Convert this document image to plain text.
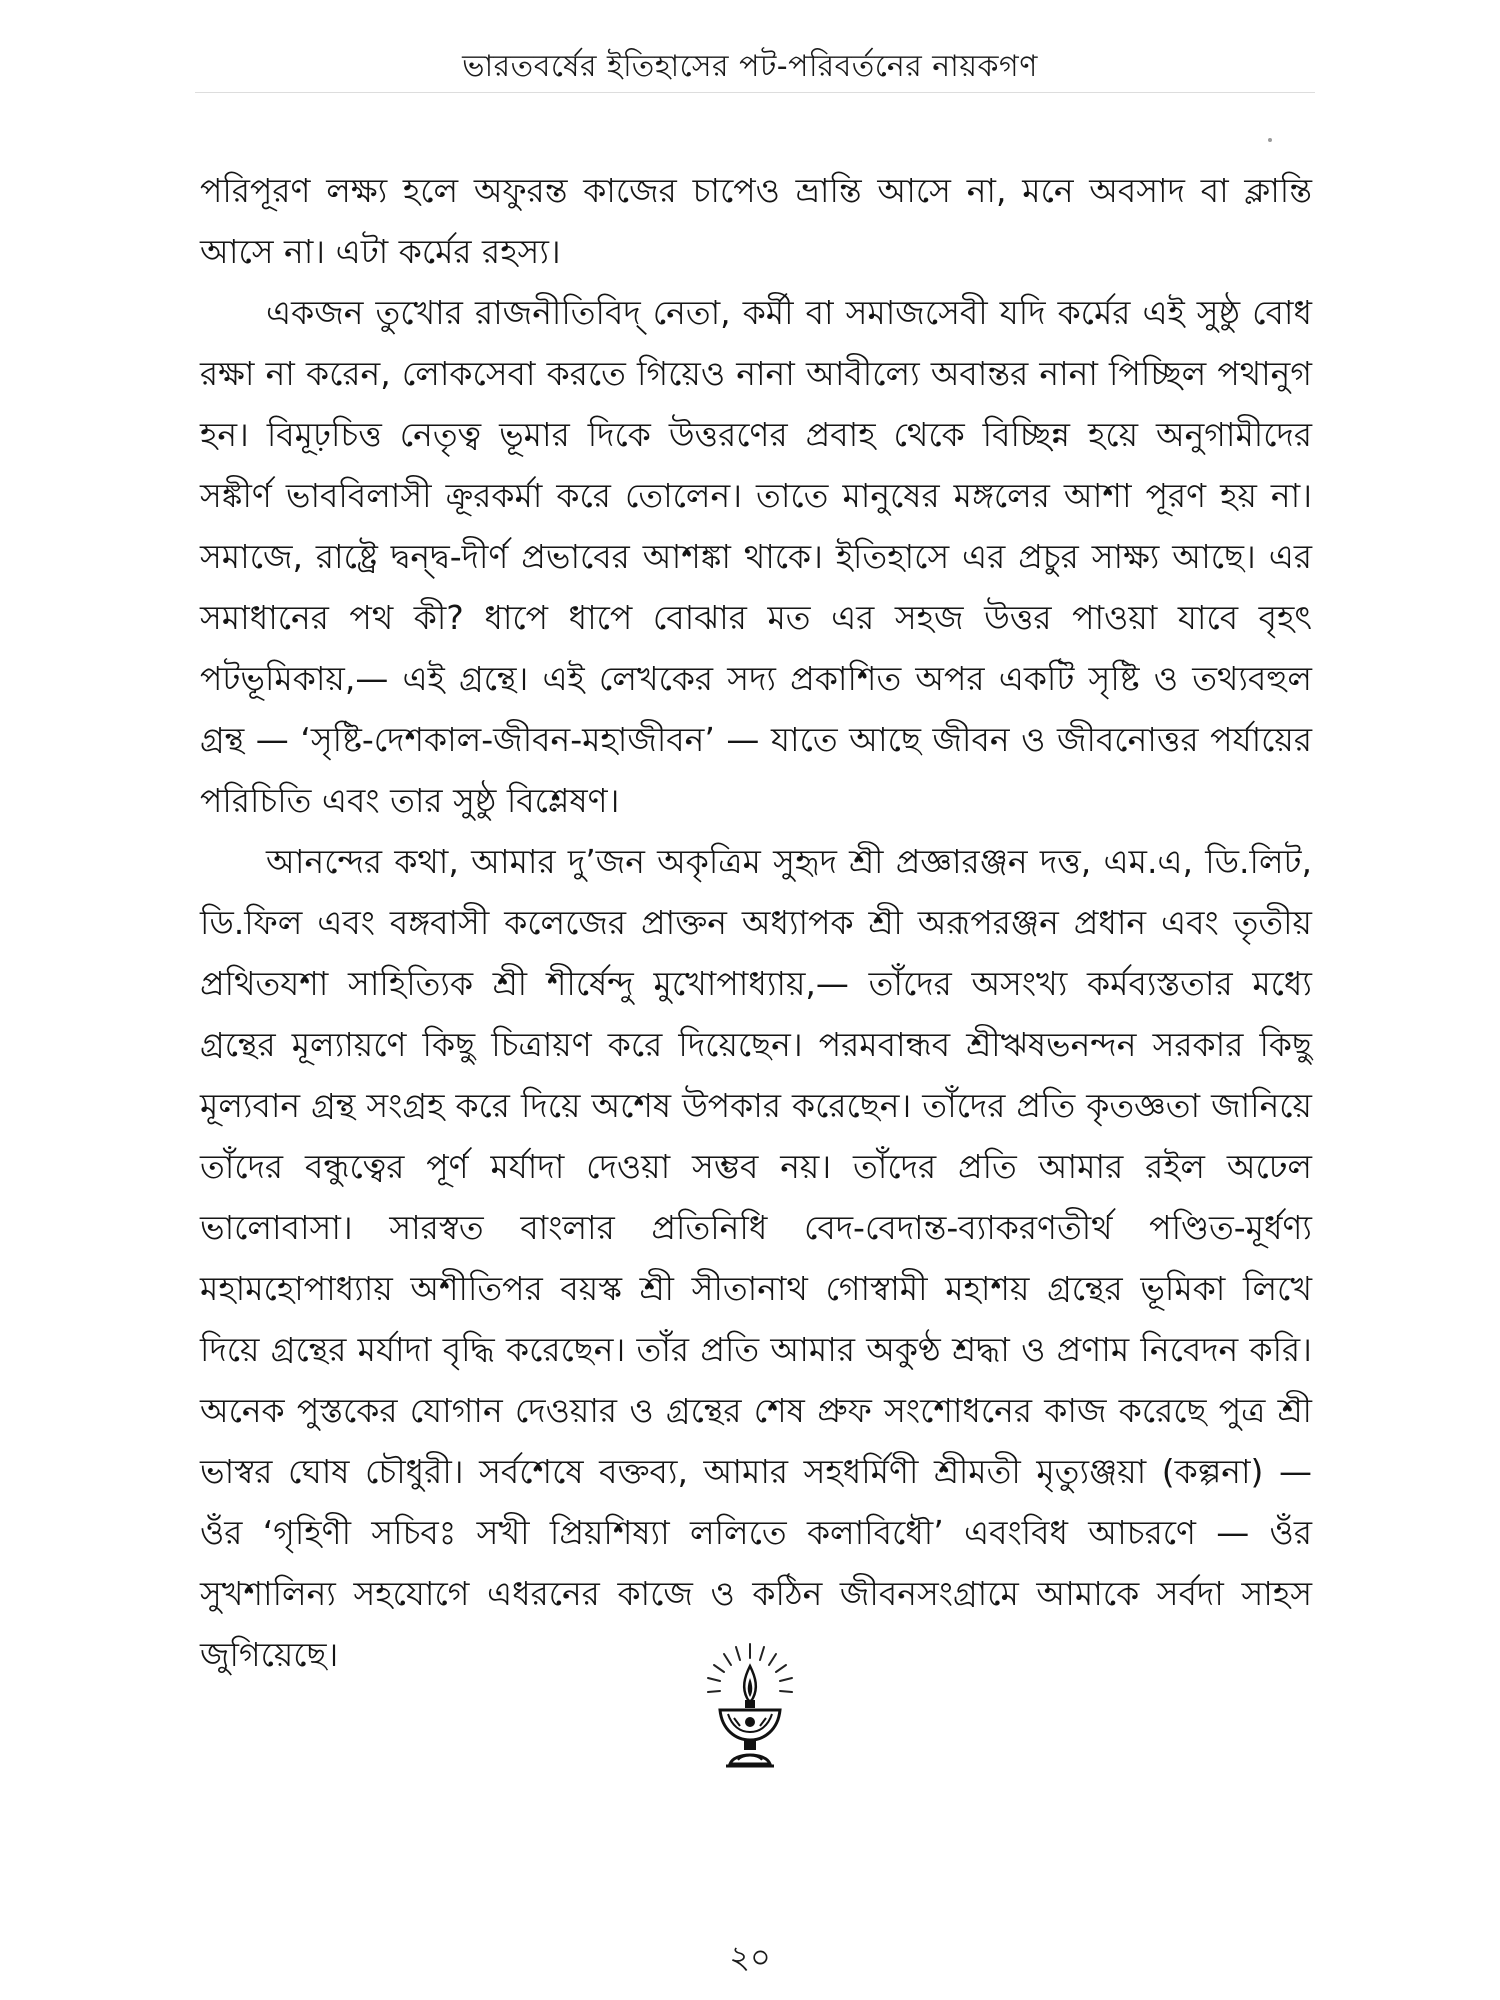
ভারতবর্ষের ইতিহাসের পট-পরিবর্তনের নায়কগণ

পরিপূরণ লক্ষ্য হলে অফুরন্ত কাজের চাপেও ভ্রান্তি আসে না, মনে অবসাদ বা ক্লান্তি আসে না। এটা কর্মের রহস্য।

একজন তুখোর রাজনীতিবিদ্ নেতা, কর্মী বা সমাজসেবী যদি কর্মের এই সুষ্ঠু বোধ রক্ষা না করেন, লোকসেবা করতে গিয়েও নানা আবীল্যে অবান্তর নানা পিচ্ছিল পথানুগ হন। বিমূঢ়চিত্ত নেতৃত্ব ভূমার দিকে উত্তরণের প্রবাহ থেকে বিচ্ছিন্ন হয়ে অনুগামীদের সঙ্কীর্ণ ভাববিলাসী ক্রূরকর্মা করে তোলেন। তাতে মানুষের মঙ্গলের আশা পূরণ হয় না। সমাজে, রাষ্ট্রে দ্বন্দ্ব-দীর্ণ প্রভাবের আশঙ্কা থাকে। ইতিহাসে এর প্রচুর সাক্ষ্য আছে। এর সমাধানের পথ কী? ধাপে ধাপে বোঝার মত এর সহজ উত্তর পাওয়া যাবে বৃহৎ পটভূমিকায়,— এই গ্রন্থে। এই লেখকের সদ্য প্রকাশিত অপর একটি সৃষ্টি ও তথ্যবহুল গ্রন্থ — ‘সৃষ্টি-দেশকাল-জীবন-মহাজীবন’ — যাতে আছে জীবন ও জীবনোত্তর পর্যায়ের পরিচিতি এবং তার সুষ্ঠু বিশ্লেষণ।

আনন্দের কথা, আমার দু’জন অকৃত্রিম সুহৃদ শ্রী প্রজ্ঞারঞ্জন দত্ত, এম.এ, ডি.লিট, ডি.ফিল এবং বঙ্গবাসী কলেজের প্রাক্তন অধ্যাপক শ্রী অরূপরঞ্জন প্রধান এবং তৃতীয় প্রথিতযশা সাহিত্যিক শ্রী শীর্ষেন্দু মুখোপাধ্যায়,— তাঁদের অসংখ্য কর্মব্যস্ততার মধ্যে গ্রন্থের মূল্যায়ণে কিছু চিত্রায়ণ করে দিয়েছেন। পরমবান্ধব শ্রীঋষভনন্দন সরকার কিছু মূল্যবান গ্রন্থ সংগ্রহ করে দিয়ে অশেষ উপকার করেছেন। তাঁদের প্রতি কৃতজ্ঞতা জানিয়ে তাঁদের বন্ধুত্বের পূর্ণ মর্যাদা দেওয়া সম্ভব নয়। তাঁদের প্রতি আমার রইল অঢেল ভালোবাসা। সারস্বত বাংলার প্রতিনিধি বেদ-বেদান্ত-ব্যাকরণতীর্থ পণ্ডিত-মূর্ধণ্য মহামহোপাধ্যায় অশীতিপর বয়স্ক শ্রী সীতানাথ গোস্বামী মহাশয় গ্রন্থের ভূমিকা লিখে দিয়ে গ্রন্থের মর্যাদা বৃদ্ধি করেছেন। তাঁর প্রতি আমার অকুণ্ঠ শ্রদ্ধা ও প্রণাম নিবেদন করি। অনেক পুস্তকের যোগান দেওয়ার ও গ্রন্থের শেষ প্রুফ সংশোধনের কাজ করেছে পুত্র শ্রী ভাস্বর ঘোষ চৌধুরী। সর্বশেষে বক্তব্য, আমার সহধর্মিণী শ্রীমতী মৃত্যুঞ্জয়া (কল্পনা) — ওঁর ‘গৃহিণী সচিবঃ সখী প্রিয়শিষ্যা ললিতে কলাবিধৌ’ এবংবিধ আচরণে — ওঁর সুখশালিন্য সহযোগে এধরনের কাজে ও কঠিন জীবনসংগ্রামে আমাকে সর্বদা সাহস জুগিয়েছে।

২০
